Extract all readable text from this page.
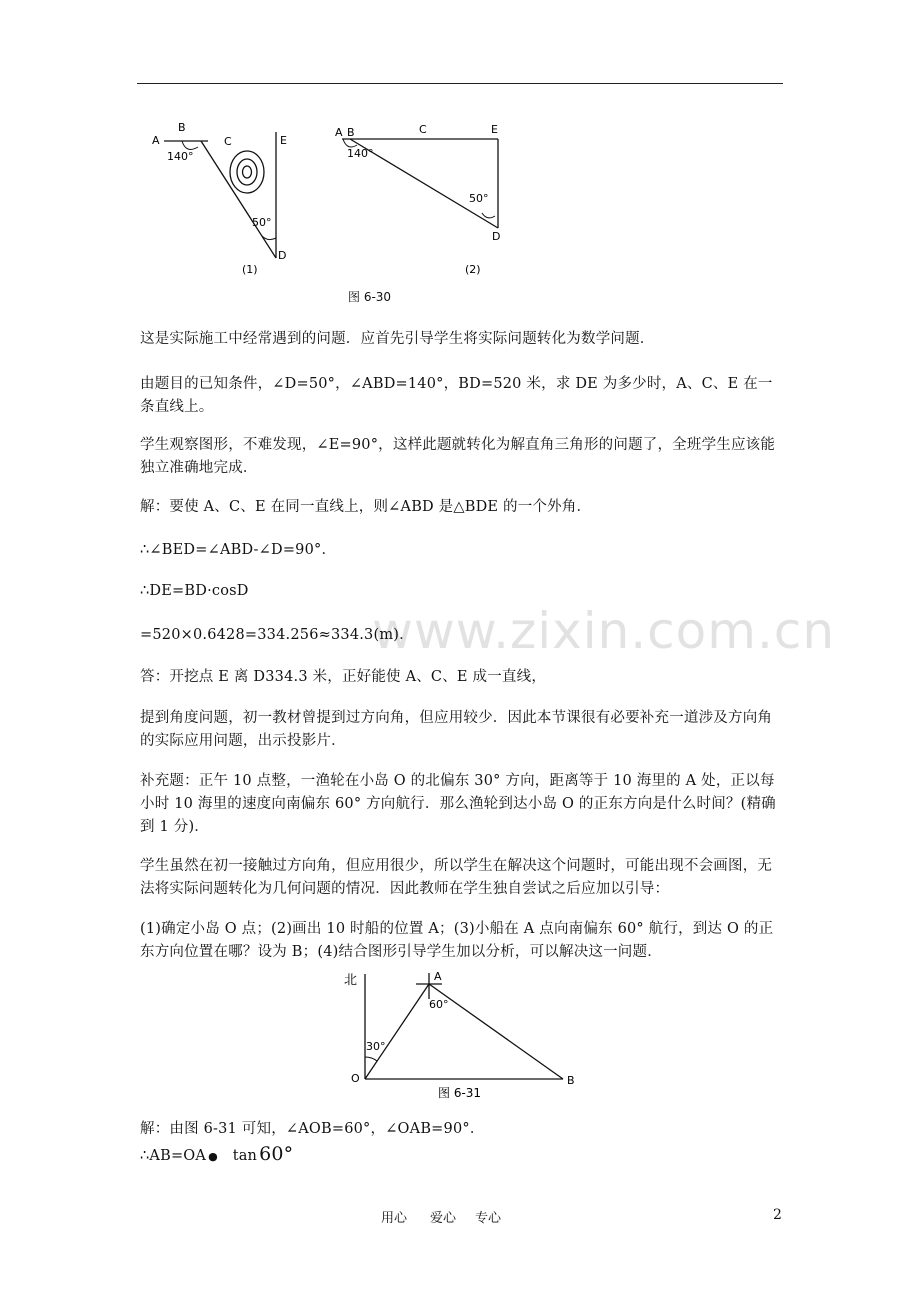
A
B
C	E
D
140°
50°
(1)
A B	C	E
D
140°
50°
(2)
图 6-30

这是实际施工中经常遇到的问题．应首先引导学生将实际问题转化为数学问题．

由题目的已知条件，∠D=50°，∠ABD=140°，BD=520 米，求 DE 为多少时，A、C、E 在一条直线上。

学生观察图形，不难发现，∠E=90°，这样此题就转化为解直角三角形的问题了，全班学生应该能独立准确地完成．

解：要使 A、C、E 在同一直线上，则∠ABD 是△BDE 的一个外角．

∴∠BED=∠ABD-∠D=90°．

∴DE=BD·cosD

www.zixin.com.cn

=520×0.6428=334.256≈334.3(m)．

答：开挖点 E 离 D334.3 米，正好能使 A、C、E 成一直线，

提到角度问题，初一教材曾提到过方向角，但应用较少．因此本节课很有必要补充一道涉及方向角的实际应用问题，出示投影片．

补充题：正午 10 点整，一渔轮在小岛 O 的北偏东 30° 方向，距离等于 10 海里的 A 处，正以每小时 10 海里的速度向南偏东 60° 方向航行．那么渔轮到达小岛 O 的正东方向是什么时间？(精确到 1 分)．

学生虽然在初一接触过方向角，但应用很少，所以学生在解决这个问题时，可能出现不会画图，无法将实际问题转化为几何问题的情况．因此教师在学生独自尝试之后应加以引导：

(1)确定小岛 O 点；(2)画出 10 时船的位置 A；(3)小船在 A 点向南偏东 60° 航行，到达 O 的正东方向位置在哪？设为 B；(4)结合图形引导学生加以分析，可以解决这一问题．

北	A
60°
30°
O	B
图 6-31

解：由图 6-31 可知，∠AOB=60°，∠OAB=90°．

∴AB=OA ● tan 60°

用心 爱心 专心	2
